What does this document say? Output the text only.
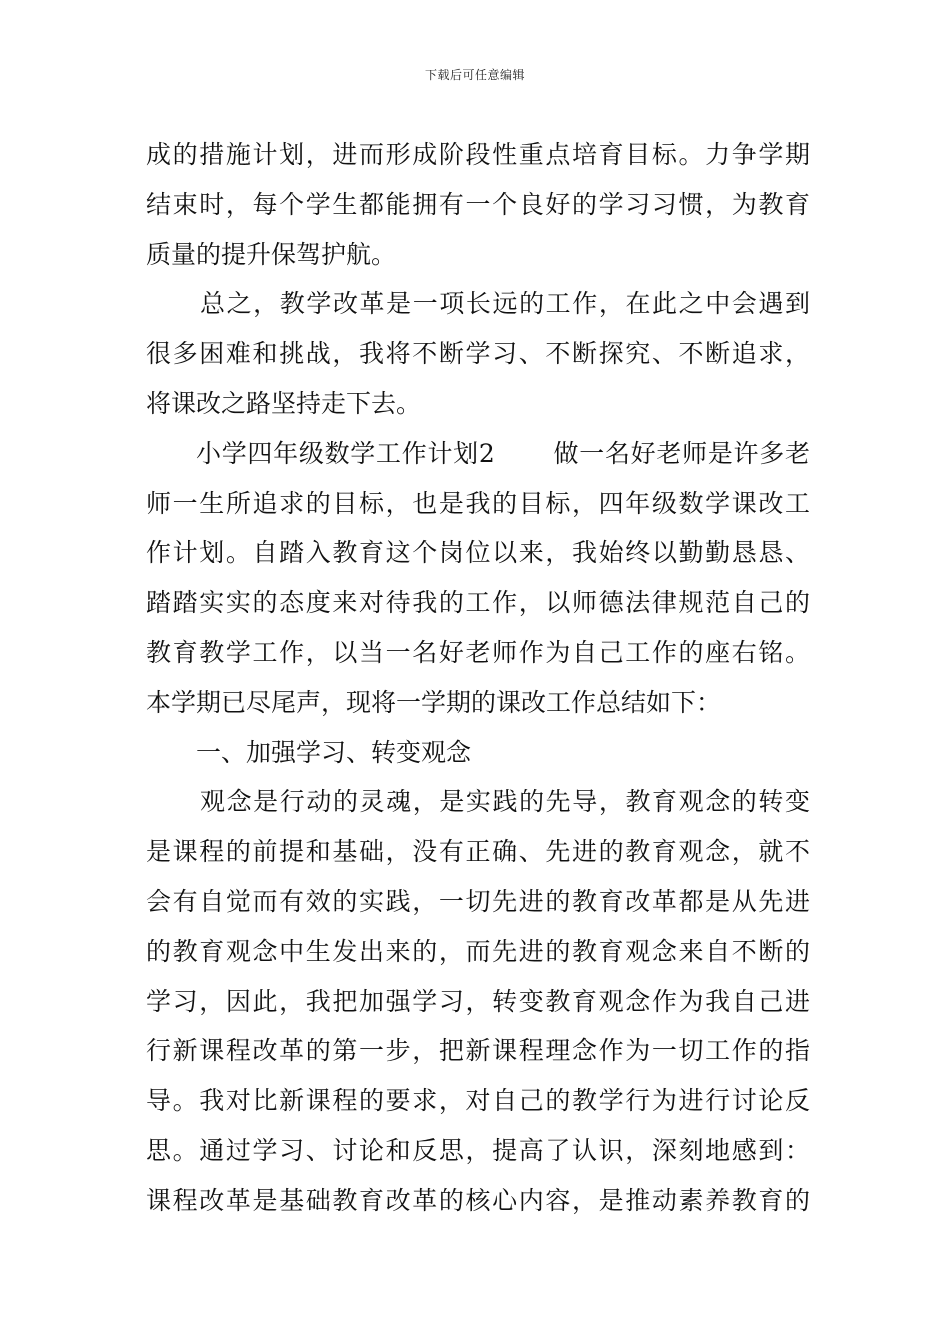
下载后可任意编辑
成的措施计划，进而形成阶段性重点培育目标。力争学期
结束时，每个学生都能拥有一个良好的学习习惯，为教育
质量的提升保驾护航。
总之，教学改革是一项长远的工作，在此之中会遇到
很多困难和挑战，我将不断学习、不断探究、不断追求，
将课改之路坚持走下去。
小学四年级数学工作计划2 做一名好老师是许多老
师一生所追求的目标，也是我的目标，四年级数学课改工
作计划。自踏入教育这个岗位以来，我始终以勤勤恳恳、
踏踏实实的态度来对待我的工作，以师德法律规范自己的
教育教学工作，以当一名好老师作为自己工作的座右铭。
本学期已尽尾声，现将一学期的课改工作总结如下：
一、加强学习、转变观念
观念是行动的灵魂，是实践的先导，教育观念的转变
是课程的前提和基础，没有正确、先进的教育观念，就不
会有自觉而有效的实践，一切先进的教育改革都是从先进
的教育观念中生发出来的，而先进的教育观念来自不断的
学习，因此，我把加强学习，转变教育观念作为我自己进
行新课程改革的第一步，把新课程理念作为一切工作的指
导。我对比新课程的要求，对自己的教学行为进行讨论反
思。通过学习、讨论和反思，提高了认识，深刻地感到：
课程改革是基础教育改革的核心内容，是推动素养教育的
